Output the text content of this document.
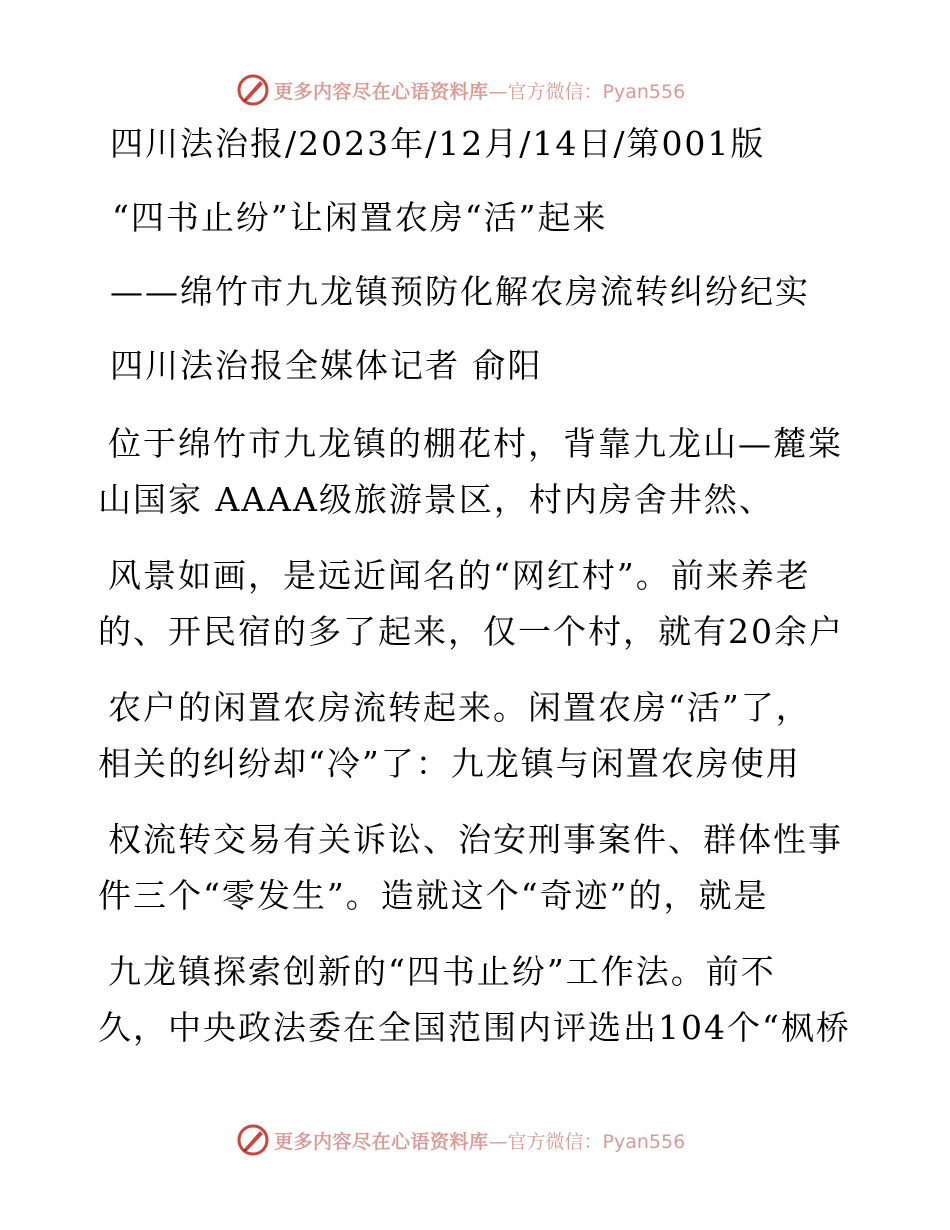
更多内容尽在心语资料库 —官方微信：Pyan556
四川法治报/2023年/12月/14日/第001版
“四书止纷”让闲置农房“活”起来
——绵竹市九龙镇预防化解农房流转纠纷纪实
四川法治报全媒体记者 俞阳
位于绵竹市九龙镇的棚花村，背靠九龙山—麓棠
山国家 AAAA级旅游景区，村内房舍井然、
风景如画，是远近闻名的“网红村”。前来养老
的、开民宿的多了起来，仅一个村，就有20余户
农户的闲置农房流转起来。闲置农房“活”了，
相关的纠纷却“冷”了：九龙镇与闲置农房使用
权流转交易有关诉讼、治安刑事案件、群体性事
件三个“零发生”。造就这个“奇迹”的，就是
九龙镇探索创新的“四书止纷”工作法。前不
久，中央政法委在全国范围内评选出104个“枫桥
更多内容尽在心语资料库 —官方微信：Pyan556
